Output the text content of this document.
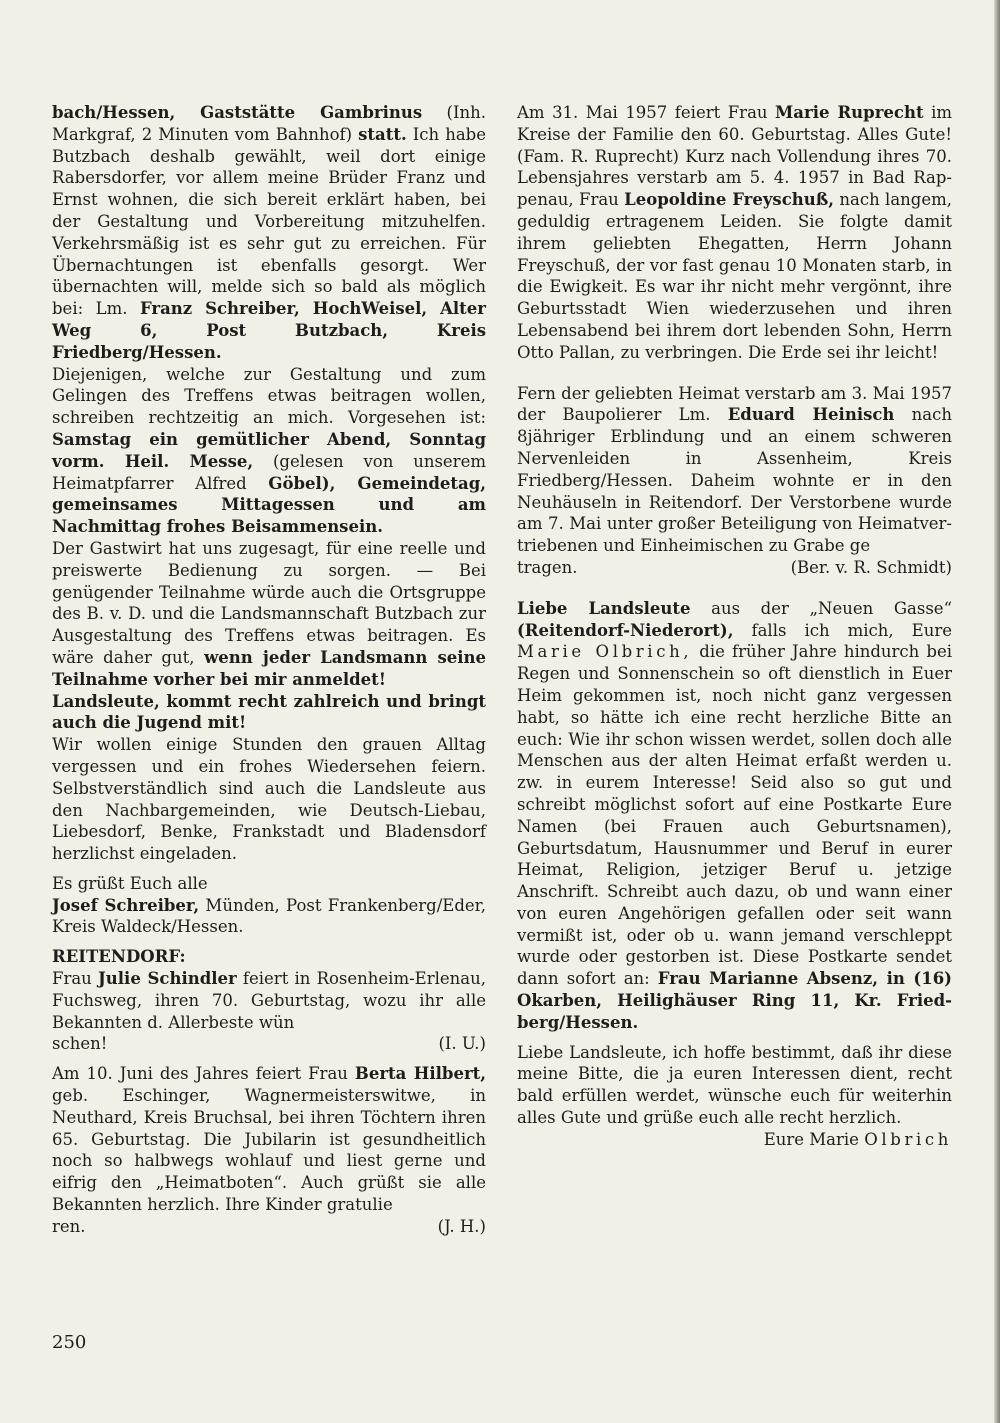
bach/Hessen, Gaststätte Gambrinus (Inh. Markgraf, 2 Minuten vom Bahnhof) statt. Ich habe Butzbach deshalb gewählt, weil dort einige Rabersdorfer, vor allem meine Brüder Franz und Ernst wohnen, die sich bereit erklärt haben, bei der Gestaltung und Vorbereitung mitzuhelfen. Verkehrsmäßig ist es sehr gut zu erreichen. Für Übernachtungen ist ebenfalls gesorgt. Wer übernachten will, melde sich so bald als möglich bei: Lm. Franz Schreiber, HochWeisel, Alter Weg 6, Post Butzbach, Kreis Friedberg/Hessen.

Diejenigen, welche zur Gestaltung und zum Gelingen des Treffens etwas beitragen wollen, schreiben rechtzeitig an mich. Vorgesehen ist: Samstag ein gemütlicher Abend, Sonntag vorm. Heil. Messe, (gelesen von unserem Heimatpfarrer Alfred Göbel), Gemeindetag, gemeinsames Mittagessen und am Nachmittag frohes Beisammensein.

Der Gastwirt hat uns zugesagt, für eine reelle und preiswerte Bedienung zu sorgen. — Bei genügender Teilnahme würde auch die Ortsgruppe des B. v. D. und die Landsmannschaft Butzbach zur Ausgestaltung des Treffens etwas beitragen. Es wäre daher gut, wenn jeder Landsmann seine Teilnahme vorher bei mir anmeldet!

Landsleute, kommt recht zahlreich und bringt auch die Jugend mit!

Wir wollen einige Stunden den grauen Alltag vergessen und ein frohes Wiedersehen feiern. Selbstverständlich sind auch die Landsleute aus den Nachbargemeinden, wie Deutsch-Liebau, Liebesdorf, Benke, Frankstadt und Bladensdorf herzlichst eingeladen.

Es grüßt Euch alle

Josef Schreiber, Münden, Post Frankenberg/Eder, Kreis Waldeck/Hessen.

REITENDORF:

Frau Julie Schindler feiert in Rosenheim-Erlenau, Fuchsweg, ihren 70. Geburtstag, wozu ihr alle Bekannten d. Allerbeste wün

schen!	(I. U.)

Am 10. Juni des Jahres feiert Frau Berta Hilbert, geb. Eschinger, Wagnermeisterswitwe, in Neuthard, Kreis Bruchsal, bei ihren Töchtern ihren 65. Geburtstag. Die Jubilarin ist gesundheitlich noch so halbwegs wohlauf und liest gerne und eifrig den „Heimatboten“. Auch grüßt sie alle Bekannten herzlich. Ihre Kinder gratulie

ren.	(J. H.)

Am 31. Mai 1957 feiert Frau Marie Ruprecht im Kreise der Familie den 60. Geburtstag. Alles Gute! (Fam. R. Ruprecht) Kurz nach Vollendung ihres 70. Lebensjahres verstarb am 5. 4. 1957 in Bad Rappenau, Frau Leopoldine Freyschuß, nach langem, geduldig ertragenem Leiden. Sie folgte damit ihrem geliebten Ehegatten, Herrn Johann Freyschuß, der vor fast genau 10 Monaten starb, in die Ewigkeit. Es war ihr nicht mehr vergönnt, ihre Geburtsstadt Wien wiederzusehen und ihren Lebensabend bei ihrem dort lebenden Sohn, Herrn Otto Pallan, zu verbringen. Die Erde sei ihr leicht!

Fern der geliebten Heimat verstarb am 3. Mai 1957 der Baupolierer Lm. Eduard Heinisch nach 8jähriger Erblindung und an einem schweren Nervenleiden in Assenheim, Kreis Friedberg/Hessen. Daheim wohnte er in den Neuhäuseln in Reitendorf. Der Verstorbene wurde am 7. Mai unter großer Beteiligung von Heimatvertriebenen und Einheimischen zu Grabe ge

tragen.	(Ber. v. R. Schmidt)

Liebe Landsleute aus der „Neuen Gasse“ (Reitendorf-Niederort), falls ich mich, Eure Marie Olbrich, die früher Jahre hindurch bei Regen und Sonnenschein so oft dienstlich in Euer Heim gekommen ist, noch nicht ganz vergessen habt, so hätte ich eine recht herzliche Bitte an euch: Wie ihr schon wissen werdet, sollen doch alle Menschen aus der alten Heimat erfaßt werden u. zw. in eurem Interesse! Seid also so gut und schreibt möglichst sofort auf eine Postkarte Eure Namen (bei Frauen auch Geburtsnamen), Geburtsdatum, Hausnummer und Beruf in eurer Heimat, Religion, jetziger Beruf u. jetzige Anschrift. Schreibt auch dazu, ob und wann einer von euren Angehörigen gefallen oder seit wann vermißt ist, oder ob u. wann jemand verschleppt wurde oder gestorben ist. Diese Postkarte sendet dann sofort an: Frau Marianne Absenz, in (16) Okarben, Heilighäuser Ring 11, Kr. Friedberg/Hessen.

Liebe Landsleute, ich hoffe bestimmt, daß ihr diese meine Bitte, die ja euren Interessen dient, recht bald erfüllen werdet, wünsche euch für weiterhin alles Gute und grüße euch alle recht herzlich.

Eure Marie Olbrich

250
